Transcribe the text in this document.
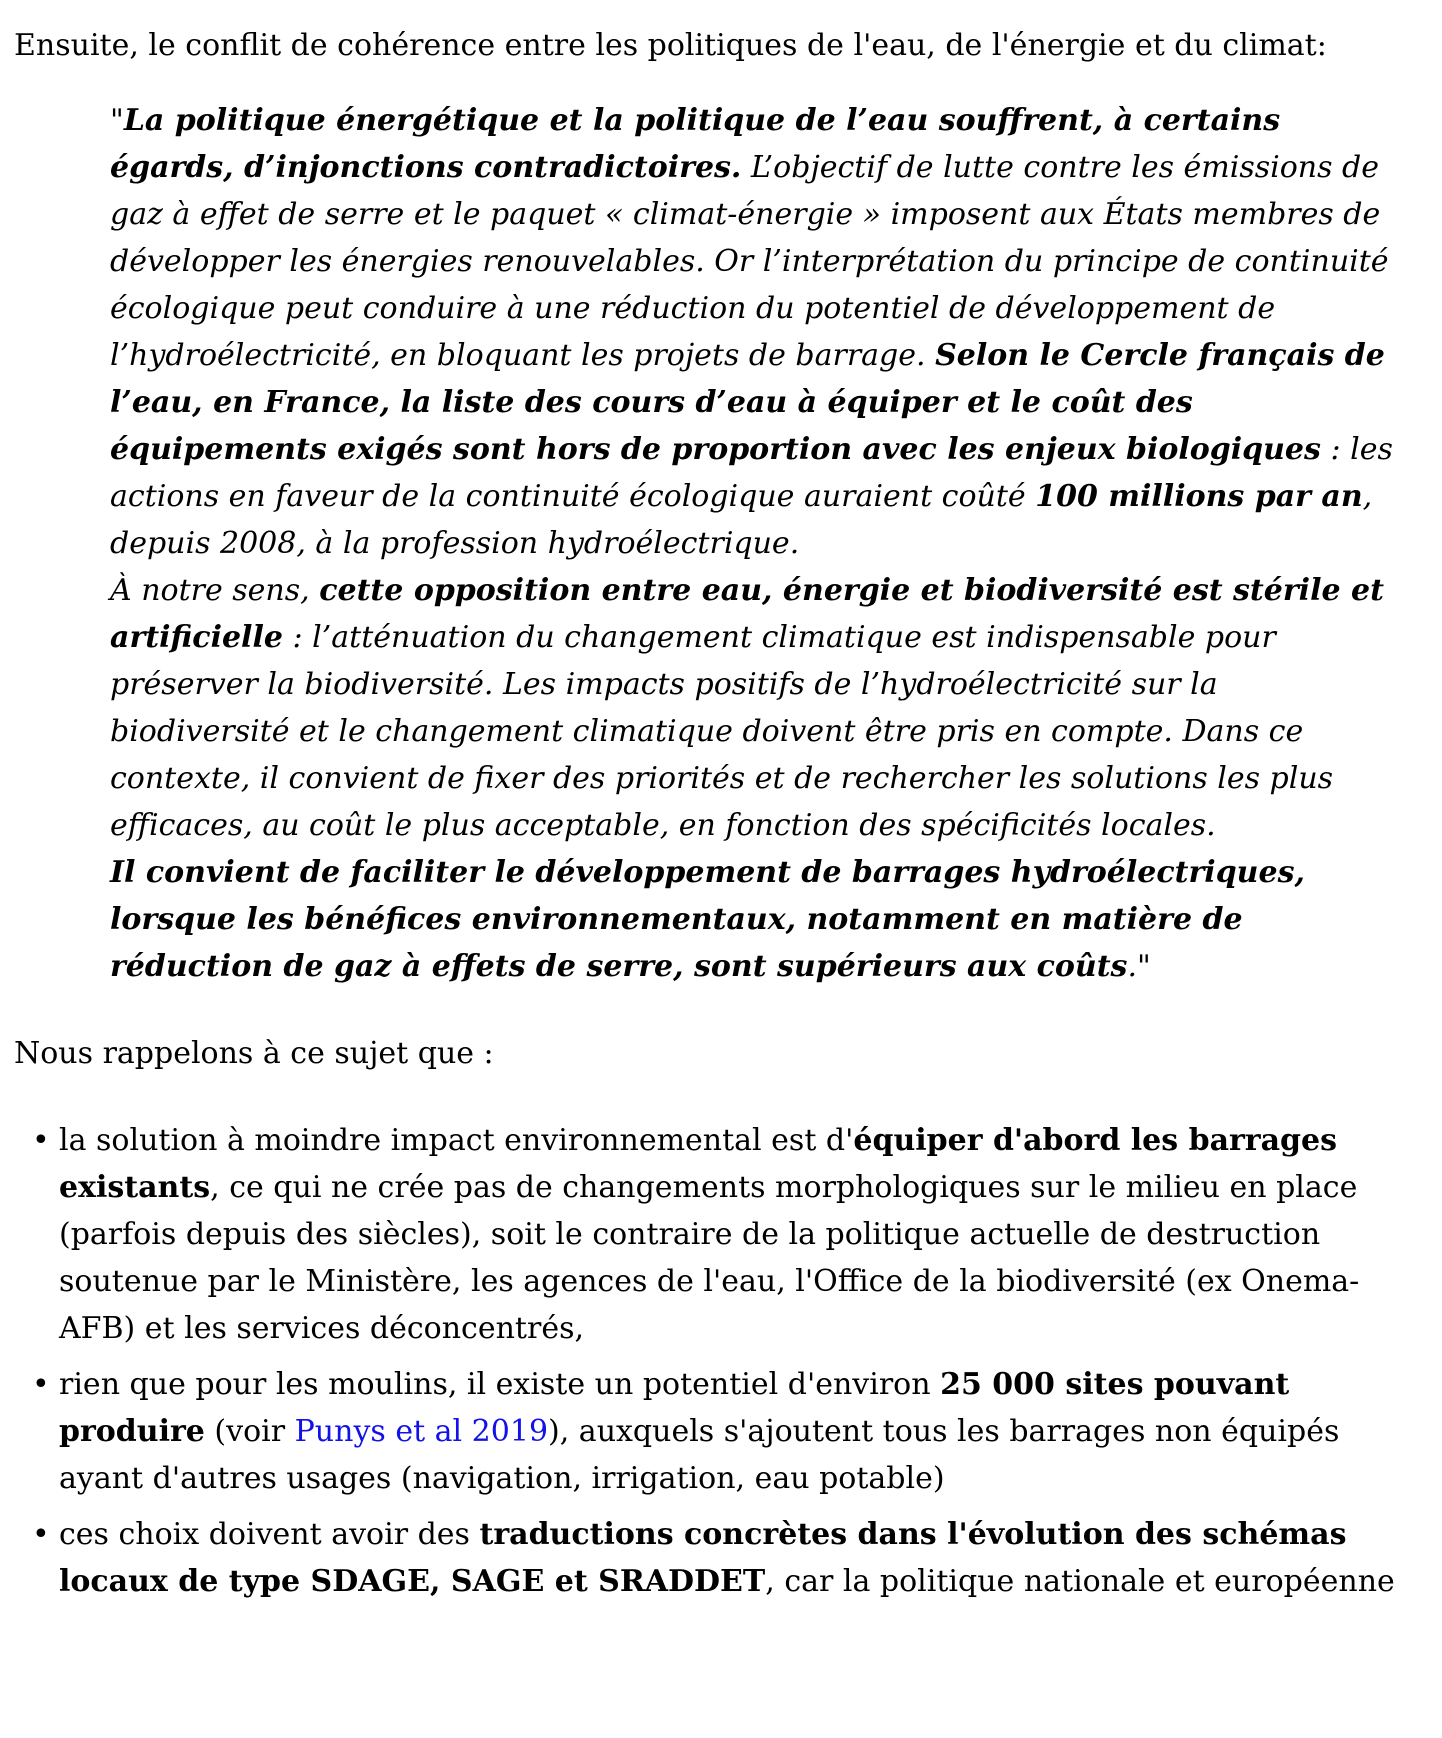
Ensuite, le conflit de cohérence entre les politiques de l'eau, de l'énergie et du climat:

"La politique énergétique et la politique de l’eau souffrent, à certains égards, d’injonctions contradictoires. L’objectif de lutte contre les émissions de gaz à effet de serre et le paquet « climat-énergie » imposent aux États membres de développer les énergies renouvelables. Or l’interprétation du principe de continuité écologique peut conduire à une réduction du potentiel de développement de l’hydroélectricité, en bloquant les projets de barrage. Selon le Cercle français de l’eau, en France, la liste des cours d’eau à équiper et le coût des équipements exigés sont hors de proportion avec les enjeux biologiques : les actions en faveur de la continuité écologique auraient coûté 100 millions par an, depuis 2008, à la profession hydroélectrique.
À notre sens, cette opposition entre eau, énergie et biodiversité est stérile et artificielle : l’atténuation du changement climatique est indispensable pour préserver la biodiversité. Les impacts positifs de l’hydroélectricité sur la biodiversité et le changement climatique doivent être pris en compte. Dans ce contexte, il convient de fixer des priorités et de rechercher les solutions les plus efficaces, au coût le plus acceptable, en fonction des spécificités locales.
Il convient de faciliter le développement de barrages hydroélectriques, lorsque les bénéfices environnementaux, notamment en matière de réduction de gaz à effets de serre, sont supérieurs aux coûts."

Nous rappelons à ce sujet que :

• la solution à moindre impact environnemental est d'équiper d'abord les barrages existants, ce qui ne crée pas de changements morphologiques sur le milieu en place (parfois depuis des siècles), soit le contraire de la politique actuelle de destruction soutenue par le Ministère, les agences de l'eau, l'Office de la biodiversité (ex Onema-AFB) et les services déconcentrés,
• rien que pour les moulins, il existe un potentiel d'environ 25 000 sites pouvant produire (voir Punys et al 2019), auxquels s'ajoutent tous les barrages non équipés ayant d'autres usages (navigation, irrigation, eau potable)
• ces choix doivent avoir des traductions concrètes dans l'évolution des schémas locaux de type SDAGE, SAGE et SRADDET, car la politique nationale et européenne
